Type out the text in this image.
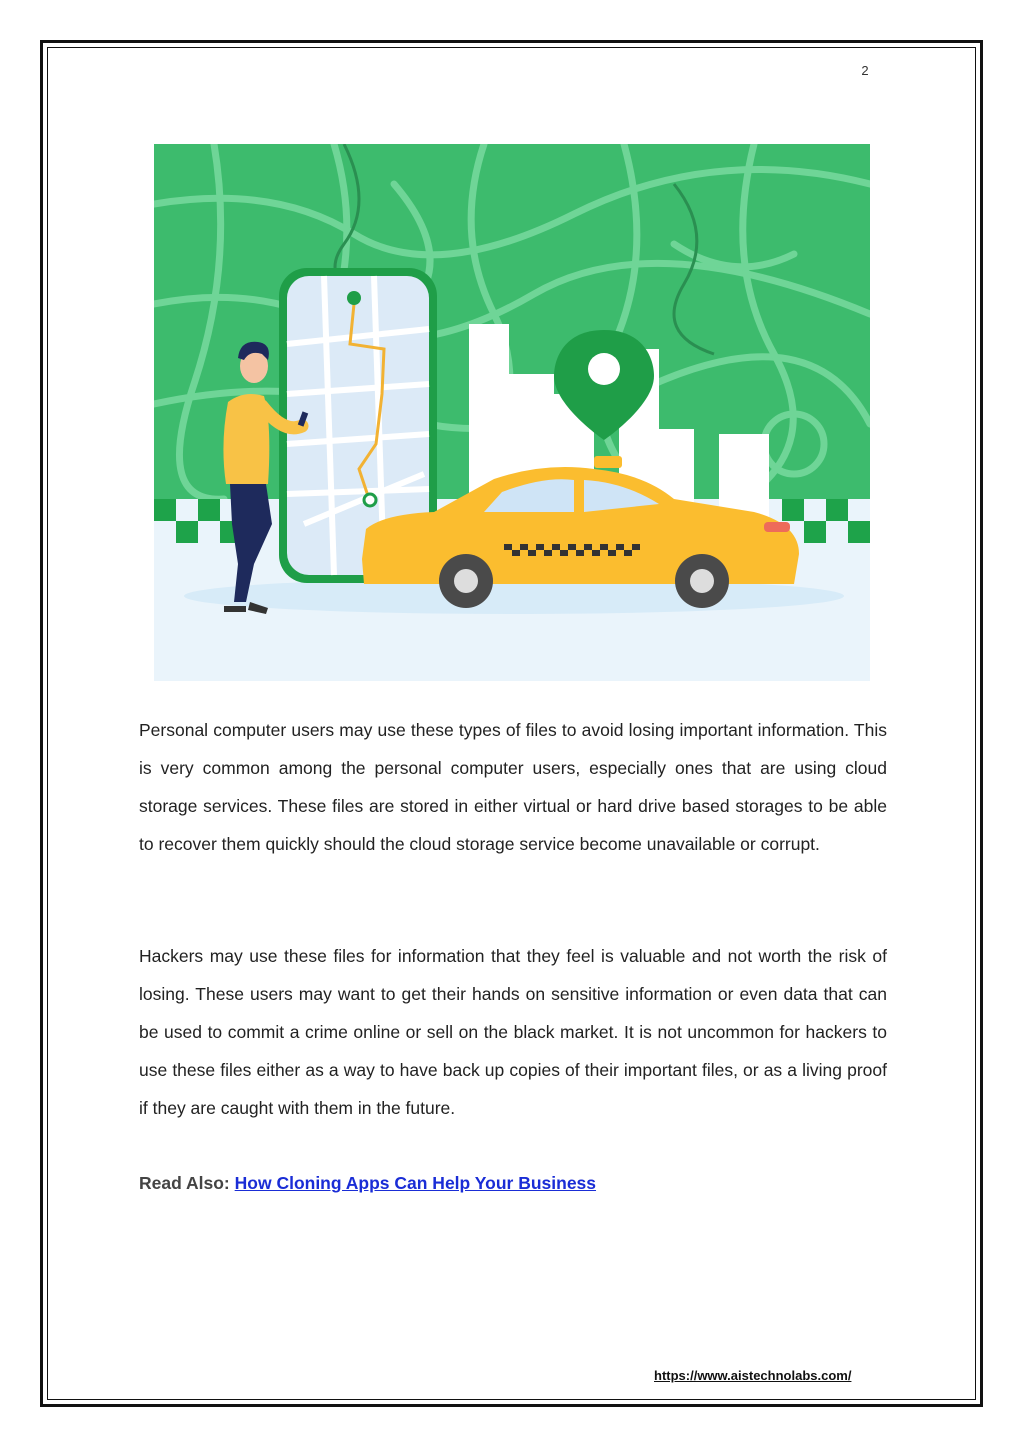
2

Personal computer users may use these types of files to avoid losing important information. This is very common among the personal computer users, especially ones that are using cloud storage services. These files are stored in either virtual or hard drive based storages to be able to recover them quickly should the cloud storage service become unavailable or corrupt.

Hackers may use these files for information that they feel is valuable and not worth the risk of losing. These users may want to get their hands on sensitive information or even data that can be used to commit a crime online or sell on the black market. It is not uncommon for hackers to use these files either as a way to have back up copies of their important files, or as a living proof if they are caught with them in the future.

Read Also: How Cloning Apps Can Help Your Business
https://www.aistechnolabs.com/
